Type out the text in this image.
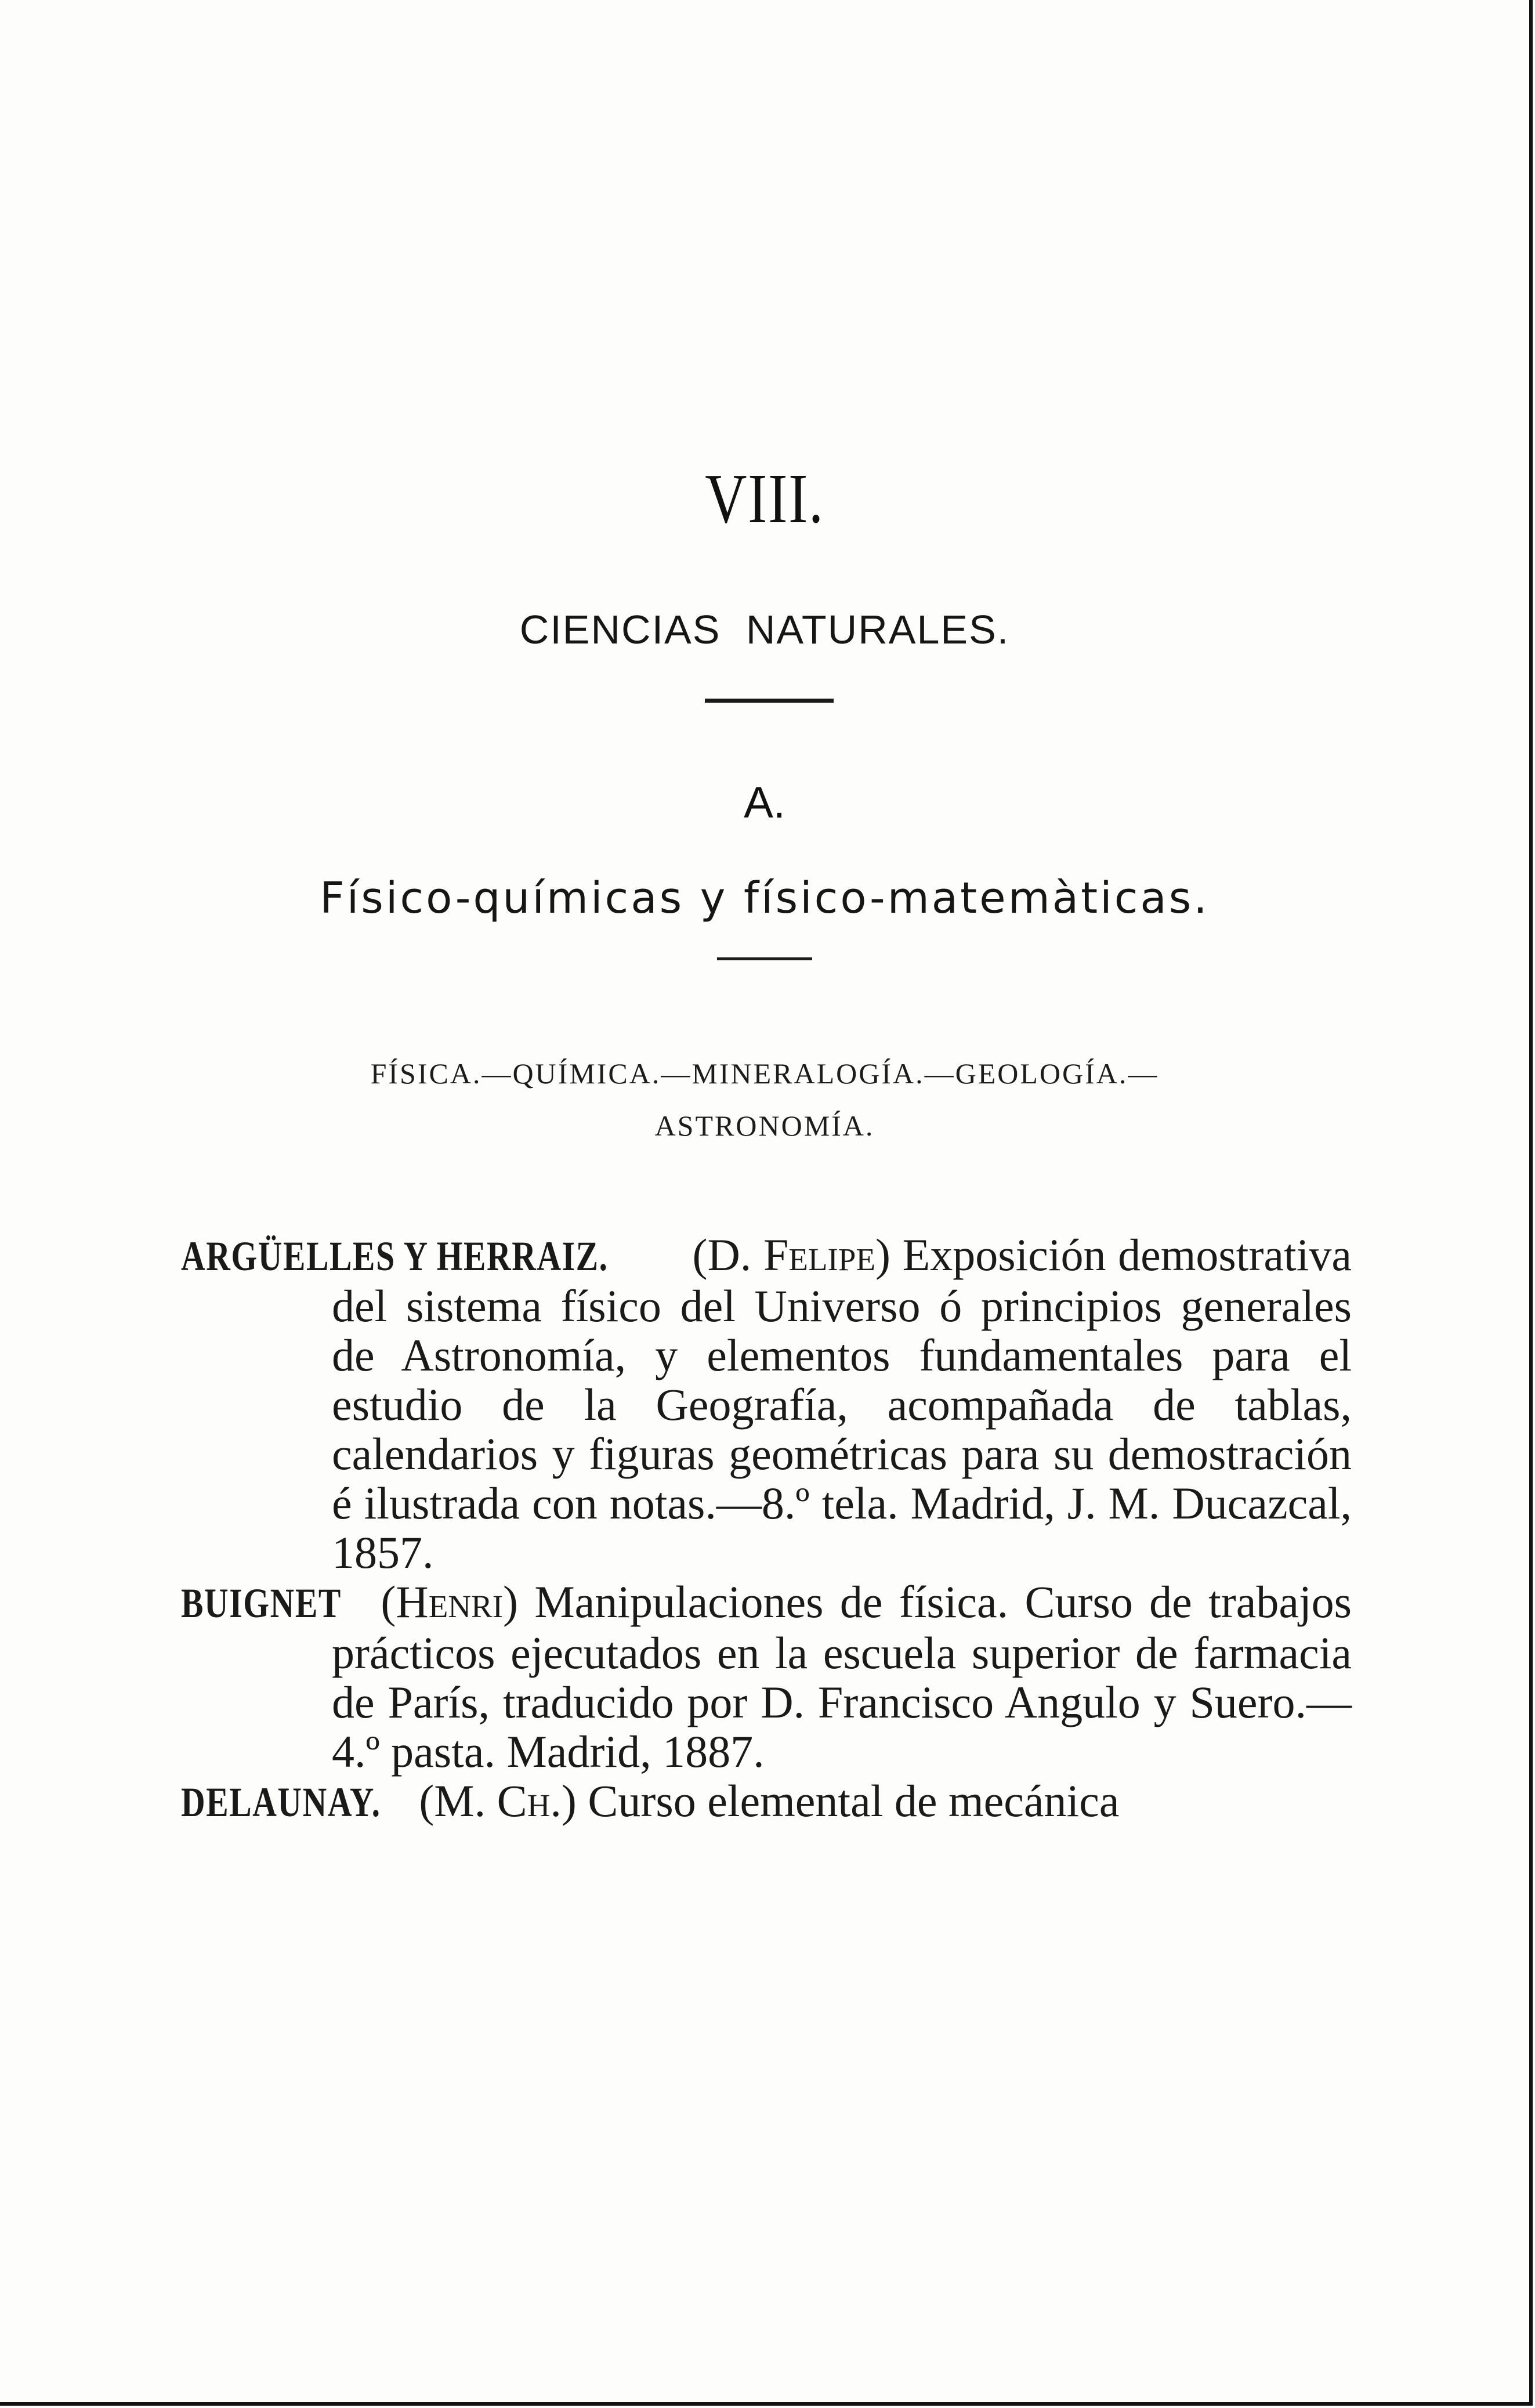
VIII.
CIENCIAS NATURALES.
A.
Físico-químicas y físico-matemàticas.
FÍSICA.—QUÍMICA.—MINERALOGÍA.—GEOLOGÍA.—
ASTRONOMÍA.

ARGÜELLES Y HERRAIZ. (D. Felipe) Exposición demostrativa del sistema físico del Universo ó principios generales de Astronomía, y elementos fundamentales para el estudio de la Geografía, acompañada de tablas, calendarios y figuras geométricas para su demostración é ilustrada con notas.—8.º tela. Madrid, J. M. Ducazcal, 1857.

BUIGNET (Henri) Manipulaciones de física. Curso de trabajos prácticos ejecutados en la escuela superior de farmacia de París, traducido por D. Francisco Angulo y Suero.—4.º pasta. Madrid, 1887.

DELAUNAY. (M. Ch.) Curso elemental de mecánica
